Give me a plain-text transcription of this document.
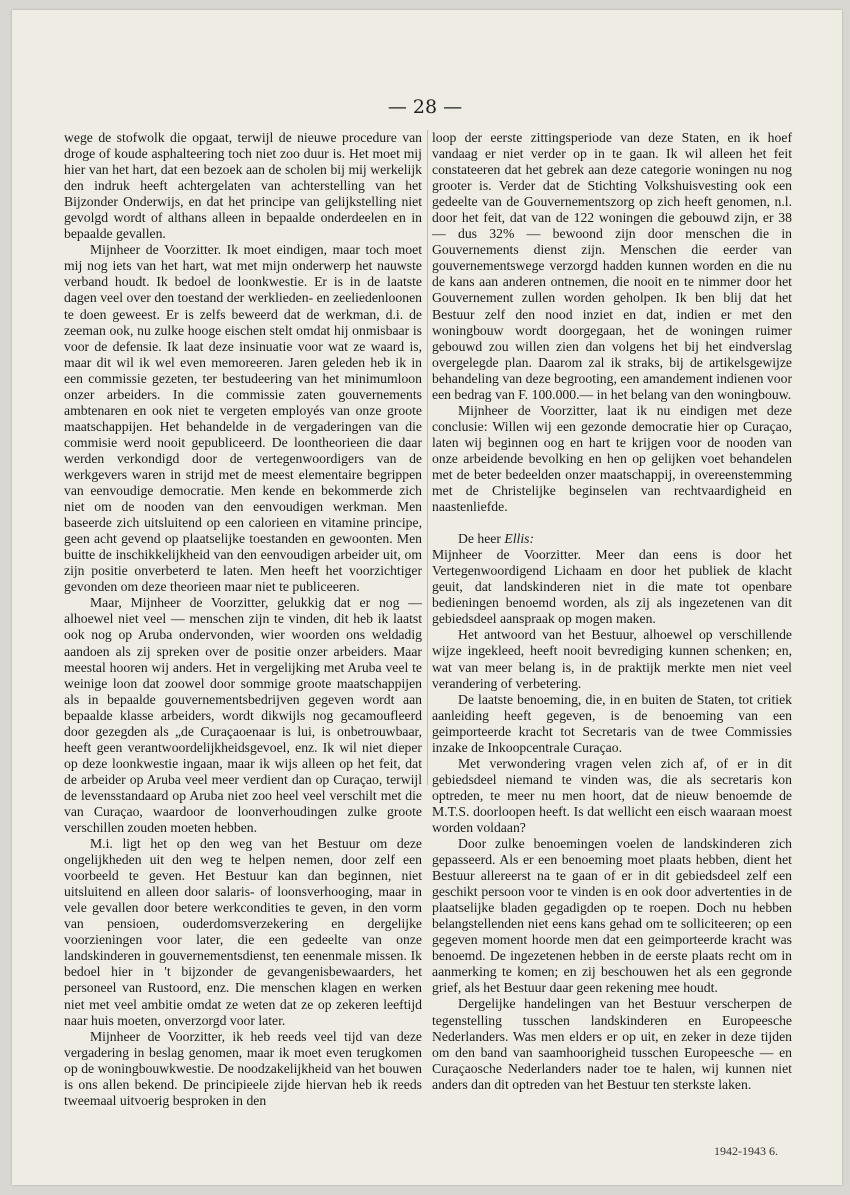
— 28 —

wege de stofwolk die opgaat, terwijl de nieuwe procedure van droge of koude asphalteering toch niet zoo duur is. Het moet mij hier van het hart, dat een bezoek aan de scholen bij mij werkelijk den indruk heeft achtergelaten van achterstelling van het Bijzonder Onderwijs, en dat het principe van gelijkstelling niet gevolgd wordt of althans alleen in bepaalde onderdeelen en in bepaalde gevallen.

Mijnheer de Voorzitter. Ik moet eindigen, maar toch moet mij nog iets van het hart, wat met mijn onderwerp het nauwste verband houdt. Ik bedoel de loonkwestie. Er is in de laatste dagen veel over den toestand der werklieden- en zeeliedenloonen te doen geweest. Er is zelfs beweerd dat de werkman, d.i. de zeeman ook, nu zulke hooge eischen stelt omdat hij onmisbaar is voor de defensie. Ik laat deze insinuatie voor wat ze waard is, maar dit wil ik wel even memoreeren. Jaren geleden heb ik in een commissie gezeten, ter bestudeering van het minimumloon onzer arbeiders. In die commissie zaten gouvernements ambtenaren en ook niet te vergeten employés van onze groote maatschappijen. Het behandelde in de vergaderingen van die commisie werd nooit gepubliceerd. De loontheorieen die daar werden verkondigd door de vertegenwoordigers van de werkgevers waren in strijd met de meest elementaire begrippen van eenvoudige democratie. Men kende en bekommerde zich niet om de nooden van den eenvoudigen werkman. Men baseerde zich uitsluitend op een calorieen en vitamine principe, geen acht gevend op plaatselijke toestanden en gewoonten. Men buitte de inschikkelijkheid van den eenvoudigen arbeider uit, om zijn positie onverbeterd te laten. Men heeft het voorzichtiger gevonden om deze theorieen maar niet te publiceeren.

Maar, Mijnheer de Voorzitter, gelukkig dat er nog — alhoewel niet veel — menschen zijn te vinden, dit heb ik laatst ook nog op Aruba ondervonden, wier woorden ons weldadig aandoen als zij spreken over de positie onzer arbeiders. Maar meestal hooren wij anders. Het in vergelijking met Aruba veel te weinige loon dat zoowel door sommige groote maatschappijen als in bepaalde gouvernementsbedrijven gegeven wordt aan bepaalde klasse arbeiders, wordt dikwijls nog gecamoufleerd door gezegden als „de Curaçaoenaar is lui, is onbetrouwbaar, heeft geen verantwoordelijkheidsgevoel, enz. Ik wil niet dieper op deze loonkwestie ingaan, maar ik wijs alleen op het feit, dat de arbeider op Aruba veel meer verdient dan op Curaçao, terwijl de levensstandaard op Aruba niet zoo heel veel verschilt met die van Curaçao, waardoor de loonverhoudingen zulke groote verschillen zouden moeten hebben.

M.i. ligt het op den weg van het Bestuur om deze ongelijkheden uit den weg te helpen nemen, door zelf een voorbeeld te geven. Het Bestuur kan dan beginnen, niet uitsluitend en alleen door salaris- of loonsverhooging, maar in vele gevallen door betere werkcondities te geven, in den vorm van pensioen, ouderdomsverzekering en dergelijke voorzieningen voor later, die een gedeelte van onze landskinderen in gouvernementsdienst, ten eenenmale missen. Ik bedoel hier in 't bijzonder de gevangenisbewaarders, het personeel van Rustoord, enz. Die menschen klagen en werken niet met veel ambitie omdat ze weten dat ze op zekeren leeftijd naar huis moeten, onverzorgd voor later.

Mijnheer de Voorzitter, ik heb reeds veel tijd van deze vergadering in beslag genomen, maar ik moet even terugkomen op de woningbouwkwestie. De noodzakelijkheid van het bouwen is ons allen bekend. De principieele zijde hiervan heb ik reeds tweemaal uitvoerig besproken in den

loop der eerste zittingsperiode van deze Staten, en ik hoef vandaag er niet verder op in te gaan. Ik wil alleen het feit constateeren dat het gebrek aan deze categorie woningen nu nog grooter is. Verder dat de Stichting Volkshuisvesting ook een gedeelte van de Gouvernementszorg op zich heeft genomen, n.l. door het feit, dat van de 122 woningen die gebouwd zijn, er 38 — dus 32% — bewoond zijn door menschen die in Gouvernements dienst zijn. Menschen die eerder van gouvernementswege verzorgd hadden kunnen worden en die nu de kans aan anderen ontnemen, die nooit en te nimmer door het Gouvernement zullen worden geholpen. Ik ben blij dat het Bestuur zelf den nood inziet en dat, indien er met den woningbouw wordt doorgegaan, het de woningen ruimer gebouwd zou willen zien dan volgens het bij het eindverslag overgelegde plan. Daarom zal ik straks, bij de artikelsgewijze behandeling van deze begrooting, een amandement indienen voor een bedrag van F. 100.000.— in het belang van den woningbouw.

Mijnheer de Voorzitter, laat ik nu eindigen met deze conclusie: Willen wij een gezonde democratie hier op Curaçao, laten wij beginnen oog en hart te krijgen voor de nooden van onze arbeidende bevolking en hen op gelijken voet behandelen met de beter bedeelden onzer maatschappij, in overeenstemming met de Christelijke beginselen van rechtvaardigheid en naastenliefde.

De heer Ellis:

Mijnheer de Voorzitter. Meer dan eens is door het Vertegenwoordigend Lichaam en door het publiek de klacht geuit, dat landskinderen niet in die mate tot openbare bedieningen benoemd worden, als zij als ingezetenen van dit gebiedsdeel aanspraak op mogen maken.

Het antwoord van het Bestuur, alhoewel op verschillende wijze ingekleed, heeft nooit bevrediging kunnen schenken; en, wat van meer belang is, in de praktijk merkte men niet veel verandering of verbetering.

De laatste benoeming, die, in en buiten de Staten, tot critiek aanleiding heeft gegeven, is de benoeming van een geimporteerde kracht tot Secretaris van de twee Commissies inzake de Inkoopcentrale Curaçao.

Met verwondering vragen velen zich af, of er in dit gebiedsdeel niemand te vinden was, die als secretaris kon optreden, te meer nu men hoort, dat de nieuw benoemde de M.T.S. doorloopen heeft. Is dat wellicht een eisch waaraan moest worden voldaan?

Door zulke benoemingen voelen de landskinderen zich gepasseerd. Als er een benoeming moet plaats hebben, dient het Bestuur allereerst na te gaan of er in dit gebiedsdeel zelf een geschikt persoon voor te vinden is en ook door advertenties in de plaatselijke bladen gegadigden op te roepen. Doch nu hebben belangstellenden niet eens kans gehad om te solliciteeren; op een gegeven moment hoorde men dat een geimporteerde kracht was benoemd. De ingezetenen hebben in de eerste plaats recht om in aanmerking te komen; en zij beschouwen het als een gegronde grief, als het Bestuur daar geen rekening mee houdt.

Dergelijke handelingen van het Bestuur verscherpen de tegenstelling tusschen landskinderen en Europeesche Nederlanders. Was men elders er op uit, en zeker in deze tijden om den band van saamhoorigheid tusschen Europeesche — en Curaçaosche Nederlanders nader toe te halen, wij kunnen niet anders dan dit optreden van het Bestuur ten sterkste laken.

1942-1943 6.
